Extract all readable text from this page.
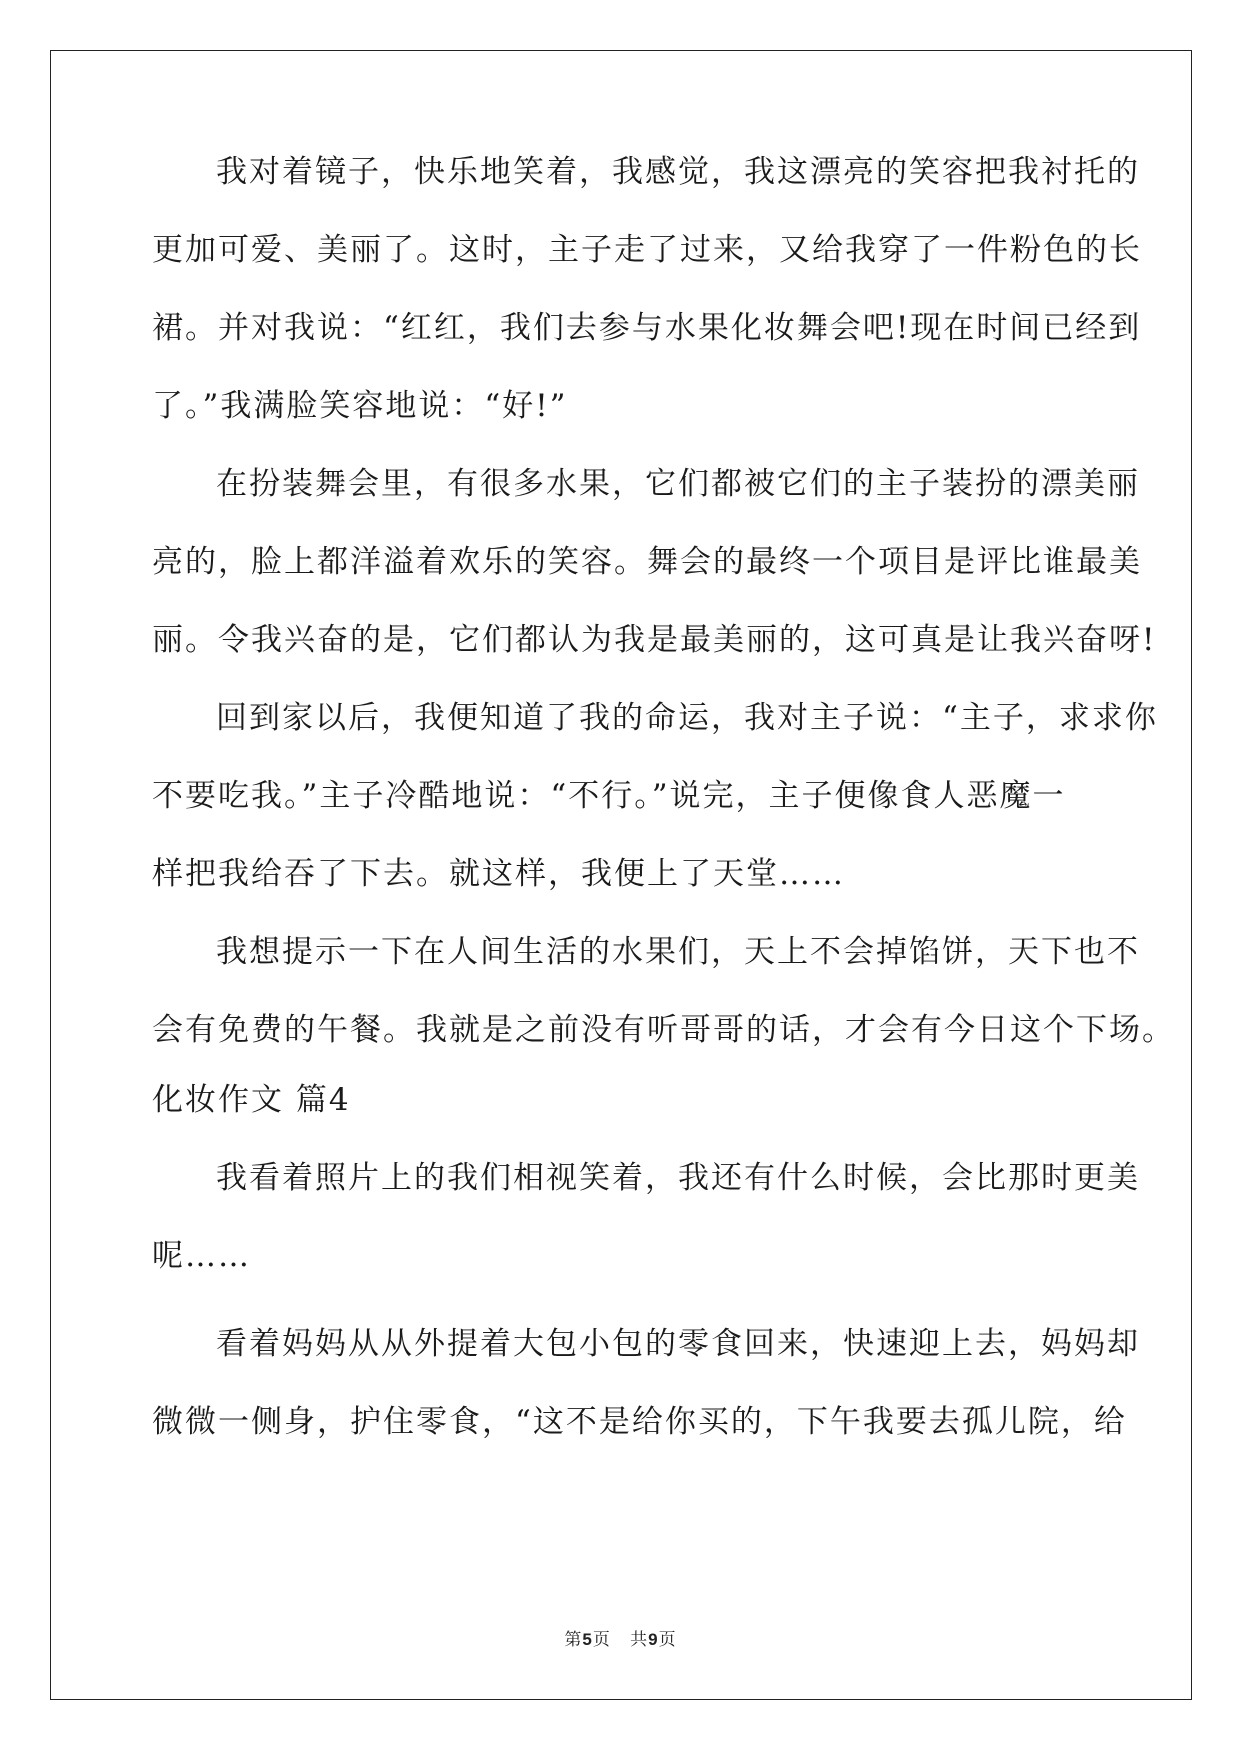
我对着镜子，快乐地笑着，我感觉，我这漂亮的笑容把我衬托的
更加可爱、美丽了。这时，主子走了过来，又给我穿了一件粉色的长
裙。并对我说：“红红，我们去参与水果化妆舞会吧!现在时间已经到
了。”我满脸笑容地说：“好!”
在扮装舞会里，有很多水果，它们都被它们的主子装扮的漂美丽
亮的，脸上都洋溢着欢乐的笑容。舞会的最终一个项目是评比谁最美
丽。令我兴奋的是，它们都认为我是最美丽的，这可真是让我兴奋呀!
回到家以后，我便知道了我的命运，我对主子说：“主子，求求你
不要吃我。”主子冷酷地说：“不行。”说完，主子便像食人恶魔一
样把我给吞了下去。就这样，我便上了天堂……
我想提示一下在人间生活的水果们，天上不会掉馅饼，天下也不
会有免费的午餐。我就是之前没有听哥哥的话，才会有今日这个下场。
化妆作文 篇4
我看着照片上的我们相视笑着，我还有什么时候，会比那时更美
呢……
看着妈妈从从外提着大包小包的零食回来，快速迎上去，妈妈却
微微一侧身，护住零食，“这不是给你买的，下午我要去孤儿院，给
第5页 共9页
